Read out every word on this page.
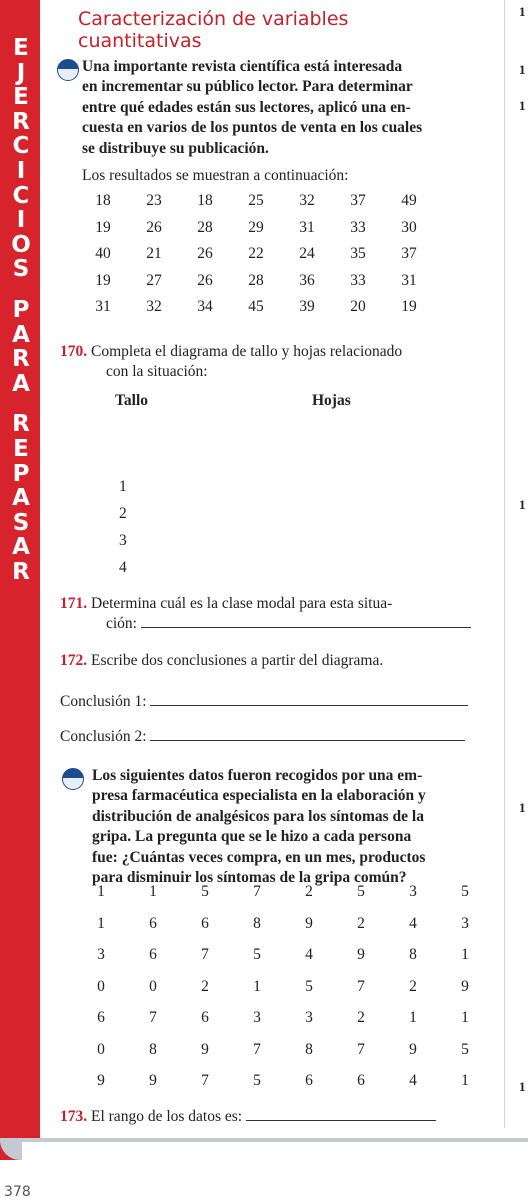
E
J
E
R
C
I
C
I
O
S
P
A
R
A
R
E
P
A
S
A
R
Caracterización de variables
cuantitativas
1
1
1
1
1
1
Una importante revista científica está interesada
en incrementar su público lector. Para determinar
entre qué edades están sus lectores, aplicó una en-
cuesta en varios de los puntos de venta en los cuales
se distribuye su publicación.
Los resultados se muestran a continuación:
18	23	18	25	32	37	49
19	26	28	29	31	33	30
40	21	26	22	24	35	37
19	27	26	28	36	33	31
31	32	34	45	39	20	19
170. Completa el diagrama de tallo y hojas relacionado
con la situación:
Tallo	Hojas
1
2
3
4
171. Determina cuál es la clase modal para esta situa-
ción:
172. Escribe dos conclusiones a partir del diagrama.
Conclusión 1:
Conclusión 2:
Los siguientes datos fueron recogidos por una em-
presa farmacéutica especialista en la elaboración y
distribución de analgésicos para los síntomas de la
gripa. La pregunta que se le hizo a cada persona
fue: ¿Cuántas veces compra, en un mes, productos
para disminuir los síntomas de la gripa común?
1	1	5	7	2	5	3	5
1	6	6	8	9	2	4	3
3	6	7	5	4	9	8	1
0	0	2	1	5	7	2	9
6	7	6	3	3	2	1	1
0	8	9	7	8	7	9	5
9	9	7	5	6	6	4	1
173. El rango de los datos es:
378
